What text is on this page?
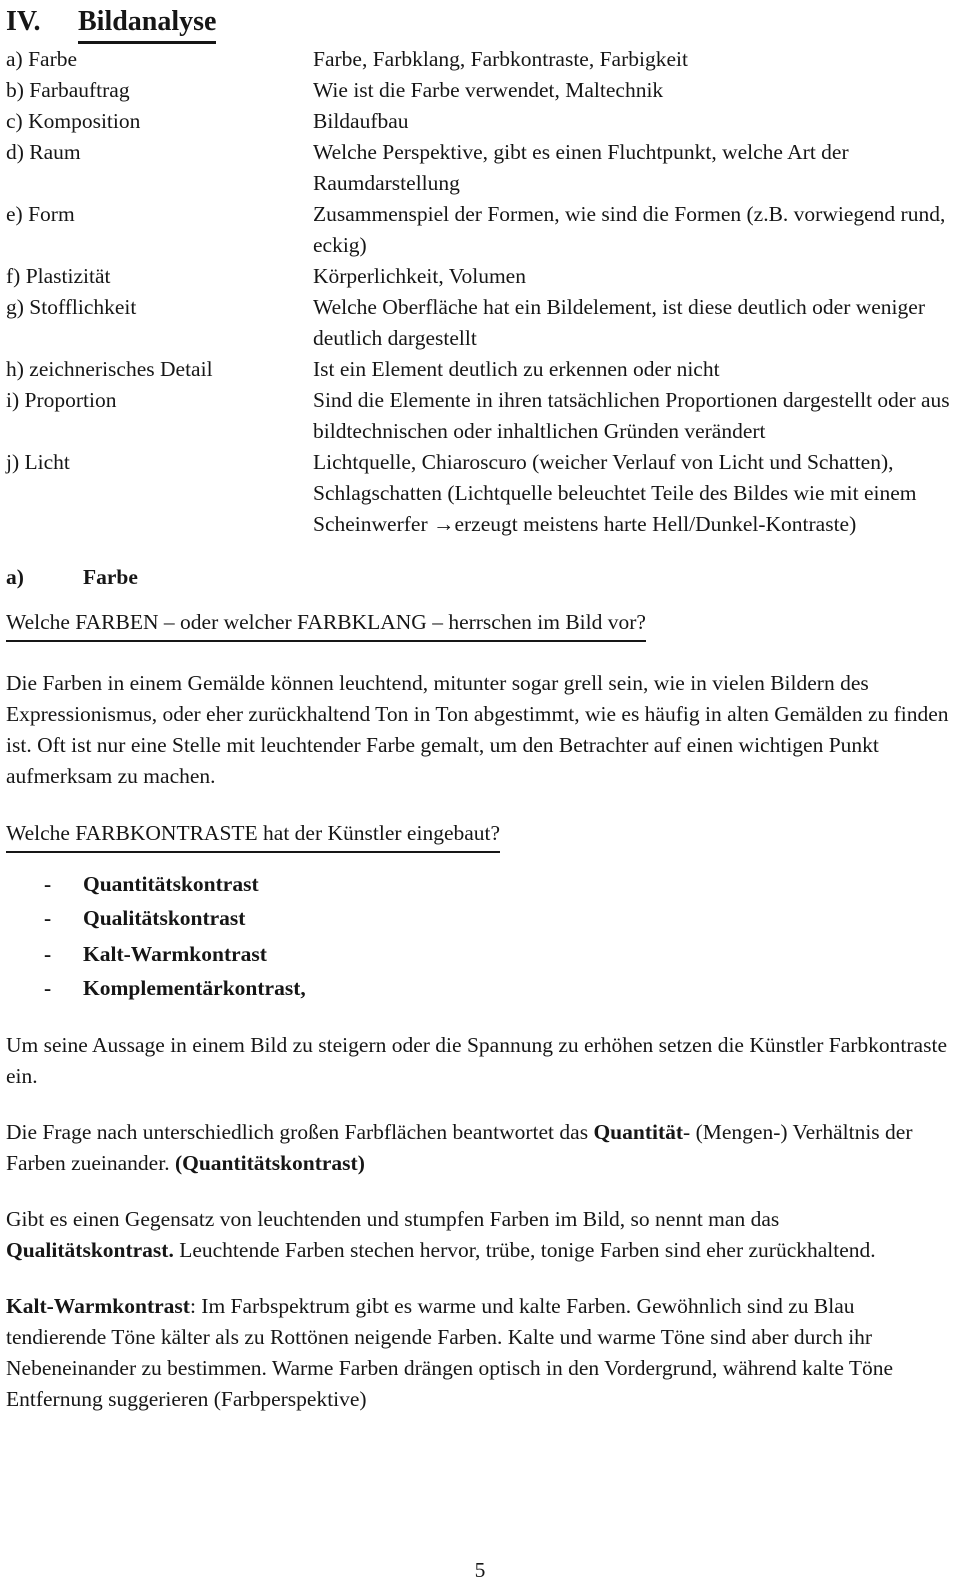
IV. Bildanalyse
a) Farbe	Farbe, Farbklang, Farbkontraste, Farbigkeit
b) Farbauftrag	Wie ist die Farbe verwendet, Maltechnik
c) Komposition	Bildaufbau
d) Raum	Welche Perspektive, gibt es einen Fluchtpunkt, welche Art der Raumdarstellung
e) Form	Zusammenspiel der Formen, wie sind die Formen (z.B. vorwiegend rund, eckig)
f) Plastizität	Körperlichkeit, Volumen
g) Stofflichkeit	Welche Oberfläche hat ein Bildelement, ist diese deutlich oder weniger deutlich dargestellt
h) zeichnerisches Detail	Ist ein Element deutlich zu erkennen oder nicht
i) Proportion	Sind die Elemente in ihren tatsächlichen Proportionen dargestellt oder aus bildtechnischen oder inhaltlichen Gründen verändert
j) Licht	Lichtquelle, Chiaroscuro (weicher Verlauf von Licht und Schatten), Schlagschatten (Lichtquelle beleuchtet Teile des Bildes wie mit einem Scheinwerfer →erzeugt meistens harte Hell/Dunkel-Kontraste)
a)	Farbe

Welche FARBEN – oder welcher FARBKLANG – herrschen im Bild vor?

Die Farben in einem Gemälde können leuchtend, mitunter sogar grell sein, wie in vielen Bildern des Expressionismus, oder eher zurückhaltend Ton in Ton abgestimmt, wie es häufig in alten Gemälden zu finden ist. Oft ist nur eine Stelle mit leuchtender Farbe gemalt, um den Betrachter auf einen wichtigen Punkt aufmerksam zu machen.

Welche FARBKONTRASTE hat der Künstler eingebaut?

-	Quantitätskontrast
-	Qualitätskontrast
-	Kalt-Warmkontrast
-	Komplementärkontrast,

Um seine Aussage in einem Bild zu steigern oder die Spannung zu erhöhen setzen die Künstler Farbkontraste ein.

Die Frage nach unterschiedlich großen Farbflächen beantwortet das Quantität- (Mengen-) Verhältnis der Farben zueinander. (Quantitätskontrast)

Gibt es einen Gegensatz von leuchtenden und stumpfen Farben im Bild, so nennt man das Qualitätskontrast. Leuchtende Farben stechen hervor, trübe, tonige Farben sind eher zurückhaltend.

Kalt-Warmkontrast: Im Farbspektrum gibt es warme und kalte Farben. Gewöhnlich sind zu Blau tendierende Töne kälter als zu Rottönen neigende Farben. Kalte und warme Töne sind aber durch ihr Nebeneinander zu bestimmen. Warme Farben drängen optisch in den Vordergrund, während kalte Töne Entfernung suggerieren (Farbperspektive)

5
